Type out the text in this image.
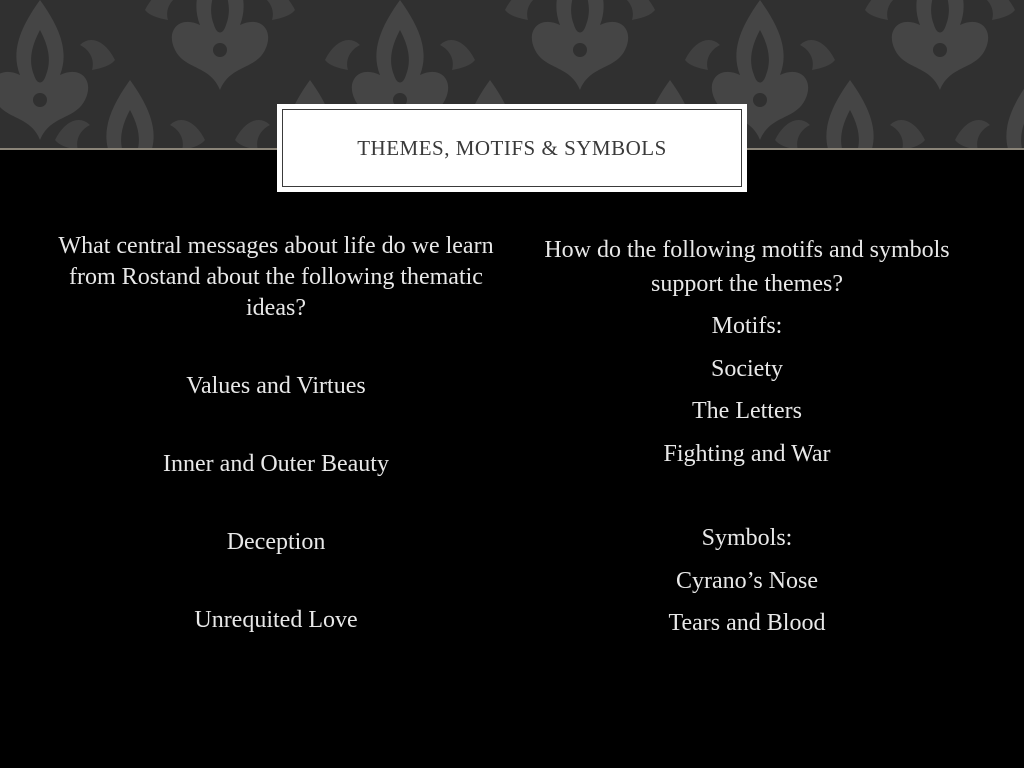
THEMES, MOTIFS & SYMBOLS

What central messages about life do we learn from Rostand about the following thematic ideas?

Values and Virtues
Inner and Outer Beauty
Deception
Unrequited Love

How do the following motifs and symbols support the themes?

Motifs:
Society
The Letters
Fighting and War
Symbols:
Cyrano’s Nose
Tears and Blood
